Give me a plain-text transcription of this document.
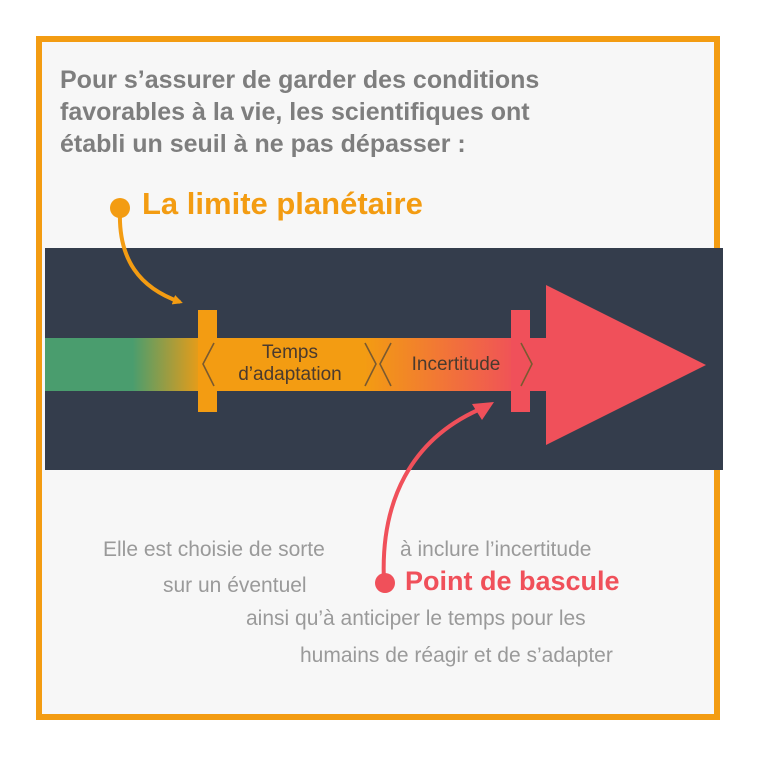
Pour s’assurer de garder des conditions
favorables à la vie, les scientifiques ont
établi un seuil à ne pas dépasser :

La limite planétaire

Temps
d’adaptation	Incertitude

Elle est choisie de sorte	à inclure l’incertitude

sur un éventuel	Point de bascule

ainsi qu’à anticiper le temps pour les

humains de réagir et de s’adapter
